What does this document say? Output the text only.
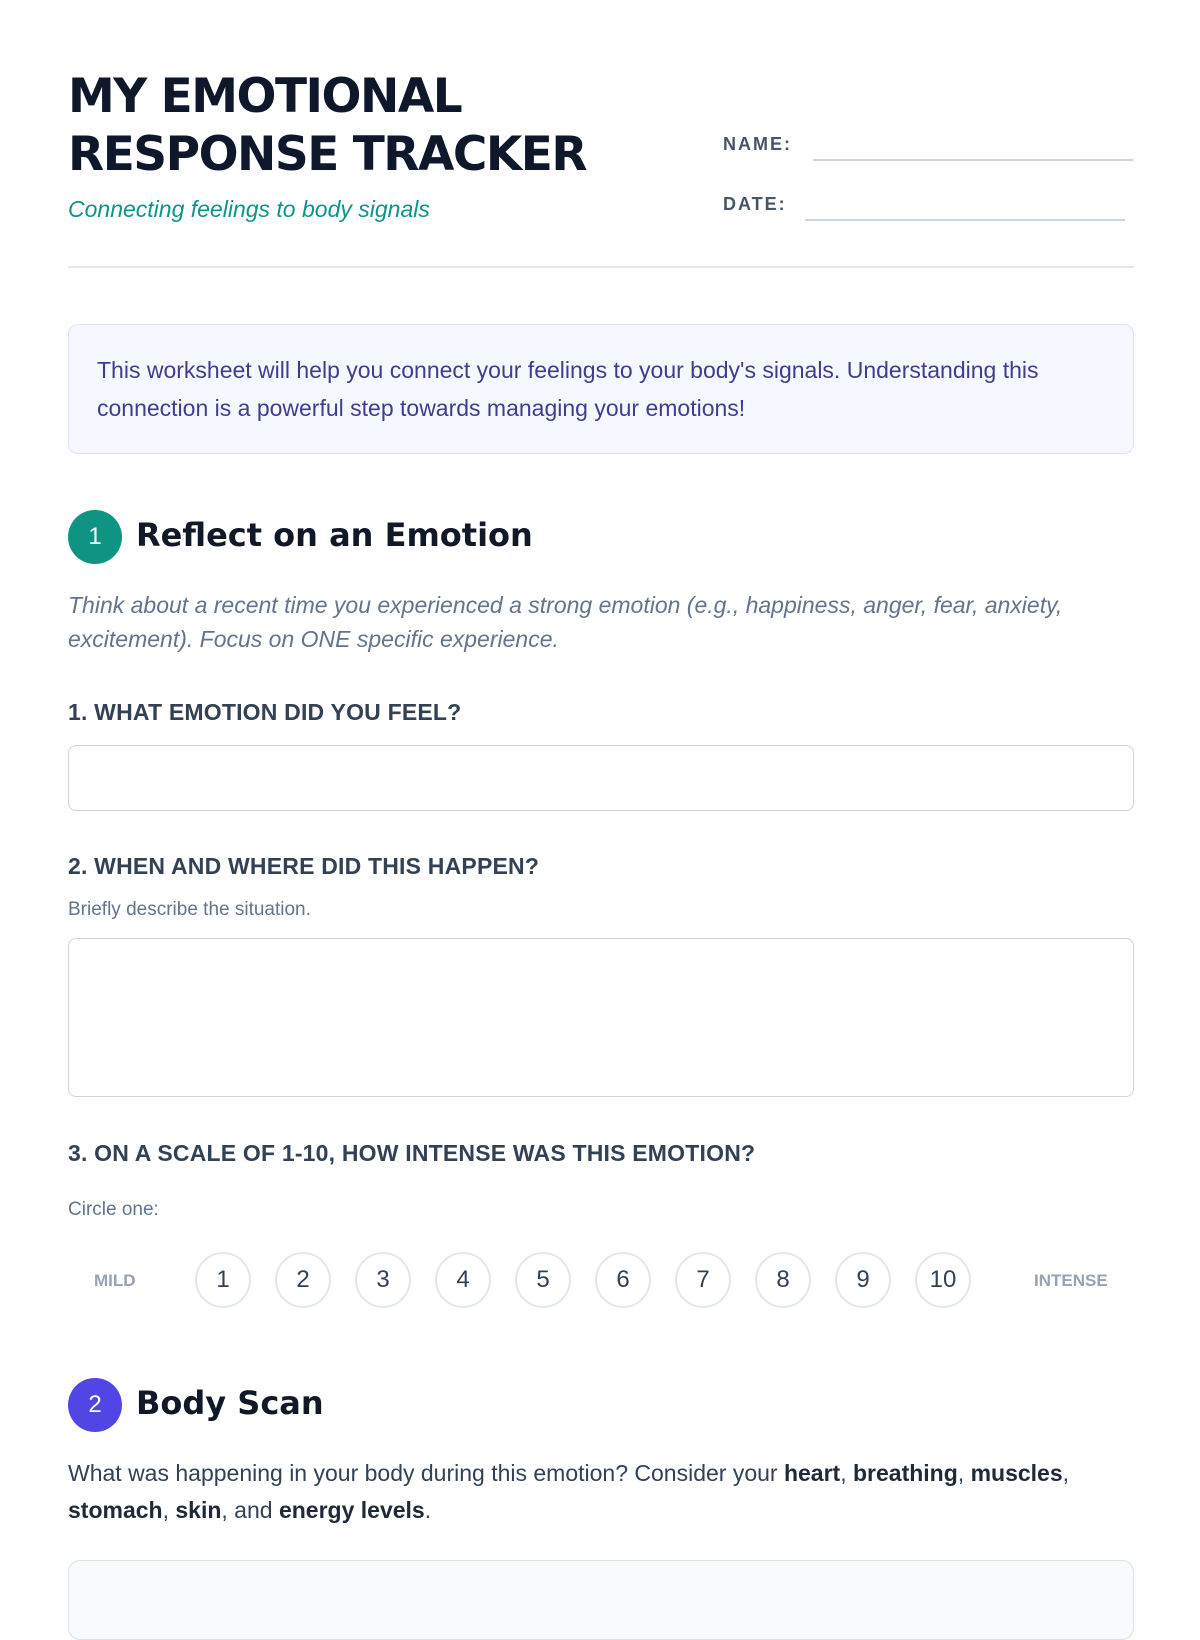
MY EMOTIONAL
RESPONSE TRACKER
Connecting feelings to body signals
NAME:
DATE:
This worksheet will help you connect your feelings to your body's signals. Understanding this connection is a powerful step towards managing your emotions!
1	Reflect on an Emotion

Think about a recent time you experienced a strong emotion (e.g., happiness, anger, fear, anxiety, excitement). Focus on ONE specific experience.

1. WHAT EMOTION DID YOU FEEL?

2. WHEN AND WHERE DID THIS HAPPEN?

Briefly describe the situation.

3. ON A SCALE OF 1-10, HOW INTENSE WAS THIS EMOTION?

Circle one:
MILD	1	2	3	4	5	6	7	8	9	10	INTENSE
2	Body Scan

What was happening in your body during this emotion? Consider your heart, breathing, muscles, stomach, skin, and energy levels.
